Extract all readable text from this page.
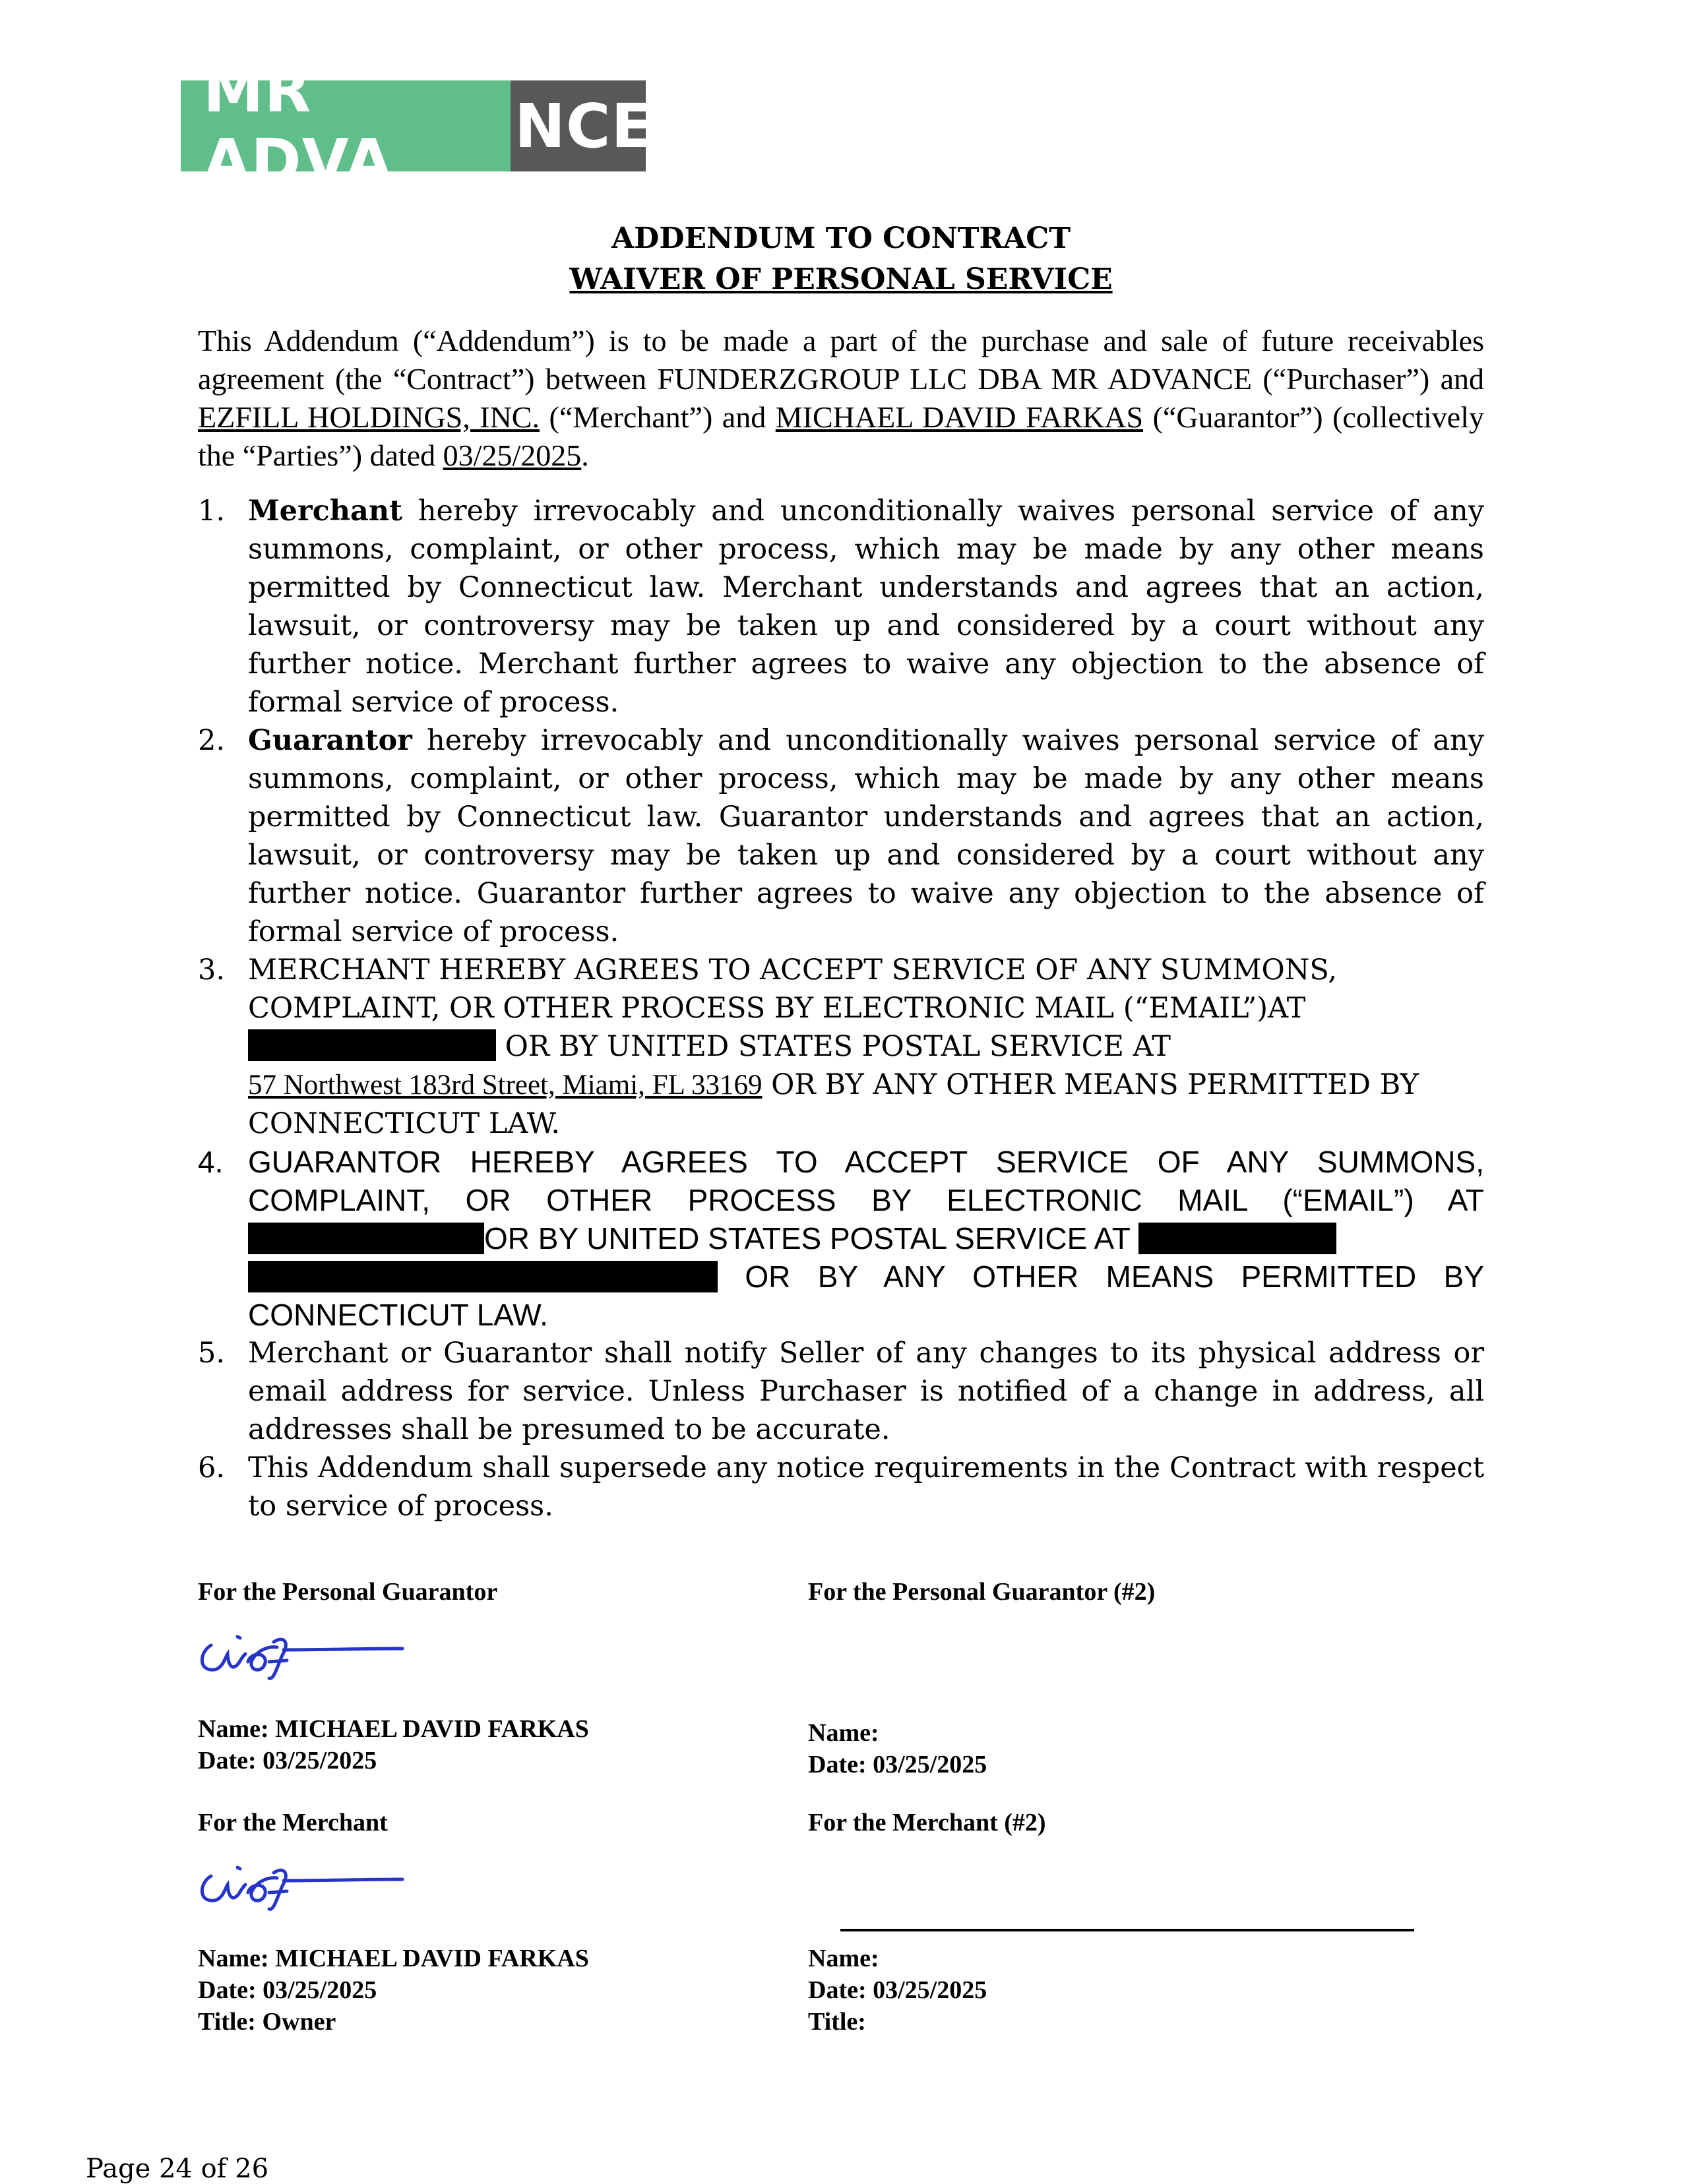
MR ADVA	NCE
ADDENDUM TO CONTRACT
WAIVER OF PERSONAL SERVICE
This Addendum (“Addendum”) is to be made a part of the purchase and sale of future receivables agreement (the “Contract”) between FUNDERZGROUP LLC DBA MR ADVANCE (“Purchaser”) and EZFILL HOLDINGS, INC. (“Merchant”) and MICHAEL DAVID FARKAS (“Guarantor”) (collectively the “Parties”) dated 03/25/2025.
1. Merchant hereby irrevocably and unconditionally waives personal service of any summons, complaint, or other process, which may be made by any other means permitted by Connecticut law. Merchant understands and agrees that an action, lawsuit, or controversy may be taken up and considered by a court without any further notice. Merchant further agrees to waive any objection to the absence of formal service of process.
2. Guarantor hereby irrevocably and unconditionally waives personal service of any summons, complaint, or other process, which may be made by any other means permitted by Connecticut law. Guarantor understands and agrees that an action, lawsuit, or controversy may be taken up and considered by a court without any further notice. Guarantor further agrees to waive any objection to the absence of formal service of process.
3. MERCHANT HEREBY AGREES TO ACCEPT SERVICE OF ANY SUMMONS, COMPLAINT, OR OTHER PROCESS BY ELECTRONIC MAIL (“EMAIL”)AT
OR BY UNITED STATES POSTAL SERVICE AT
57 Northwest 183rd Street, Miami, FL 33169 OR BY ANY OTHER MEANS PERMITTED BY CONNECTICUT LAW.
4. GUARANTOR HEREBY AGREES TO ACCEPT SERVICE OF ANY SUMMONS, COMPLAINT, OR OTHER PROCESS BY ELECTRONIC MAIL (“EMAIL”) ATOR BY UNITED STATES POSTAL SERVICE AT
OR BY ANY OTHER MEANS PERMITTED BY CONNECTICUT LAW.
5. Merchant or Guarantor shall notify Seller of any changes to its physical address or email address for service. Unless Purchaser is notified of a change in address, all addresses shall be presumed to be accurate.
6. This Addendum shall supersede any notice requirements in the Contract with respect to service of process.
For the Personal Guarantor
Name: MICHAEL DAVID FARKAS
Date: 03/25/2025
For the Personal Guarantor (#2)
Name:
Date: 03/25/2025
For the Merchant
Name: MICHAEL DAVID FARKAS
Date: 03/25/2025
Title: Owner
For the Merchant (#2)
Name:
Date: 03/25/2025
Title:
Page 24 of 26
